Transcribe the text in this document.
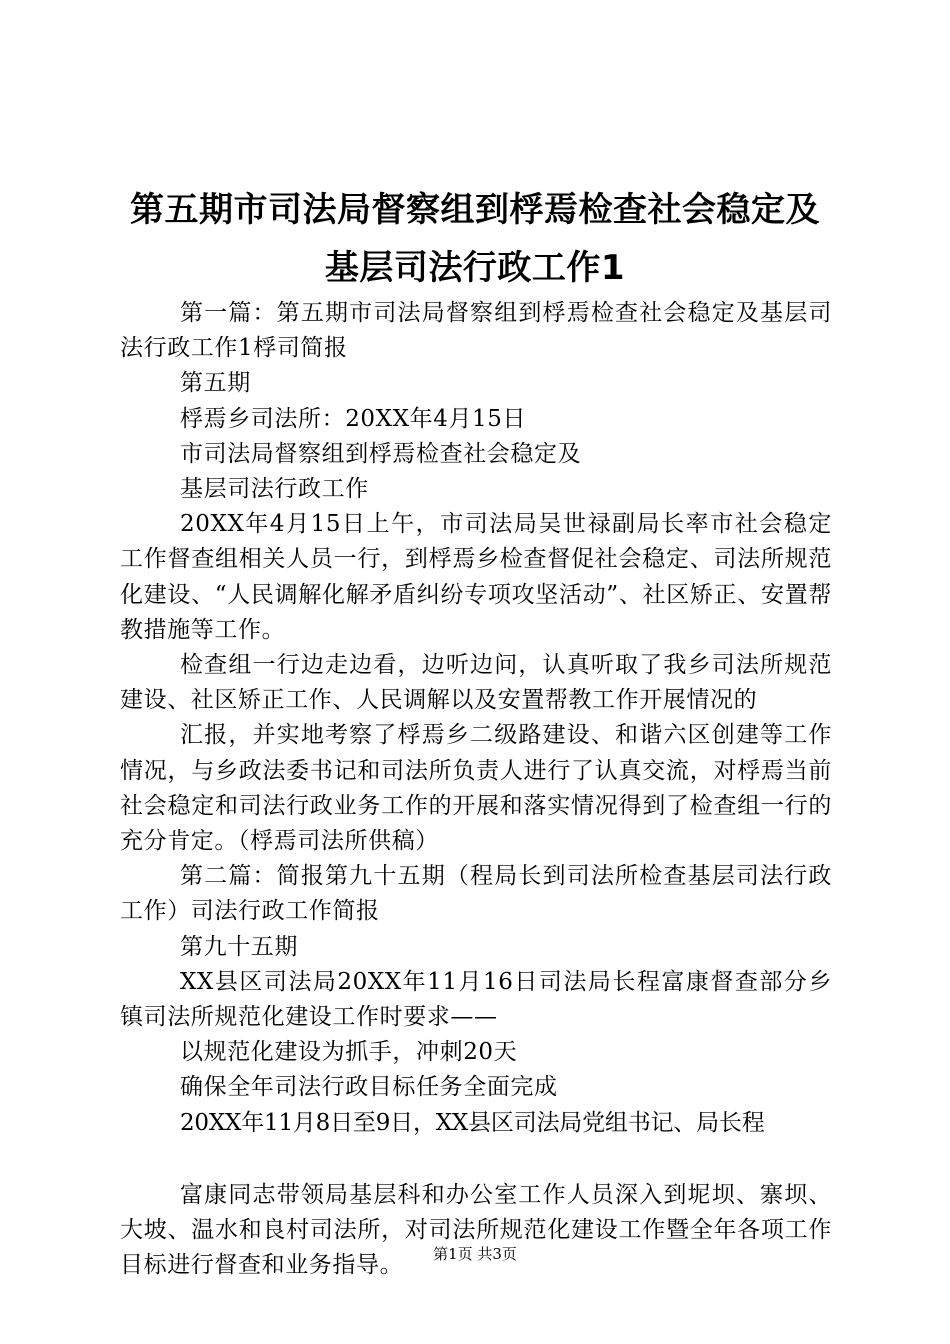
第五期市司法局督察组到桴焉检查社会稳定及
基层司法行政工作1

第一篇：第五期市司法局督察组到桴焉检查社会稳定及基层司法行政工作1桴司简报

第五期

桴焉乡司法所：20XX年4月15日

市司法局督察组到桴焉检查社会稳定及

基层司法行政工作

20XX年4月15日上午，市司法局吴世禄副局长率市社会稳定工作督查组相关人员一行，到桴焉乡检查督促社会稳定、司法所规范化建设、“人民调解化解矛盾纠纷专项攻坚活动”、社区矫正、安置帮教措施等工作。

检查组一行边走边看，边听边问，认真听取了我乡司法所规范建设、社区矫正工作、人民调解以及安置帮教工作开展情况的

汇报，并实地考察了桴焉乡二级路建设、和谐六区创建等工作情况，与乡政法委书记和司法所负责人进行了认真交流，对桴焉当前社会稳定和司法行政业务工作的开展和落实情况得到了检查组一行的充分肯定。（桴焉司法所供稿）

第二篇：简报第九十五期（程局长到司法所检查基层司法行政工作）司法行政工作简报

第九十五期

XX县区司法局20XX年11月16日司法局长程富康督查部分乡镇司法所规范化建设工作时要求——

以规范化建设为抓手，冲刺20天

确保全年司法行政目标任务全面完成

20XX年11月8日至9日，XX县区司法局党组书记、局长程

富康同志带领局基层科和办公室工作人员深入到坭坝、寨坝、大坡、温水和良村司法所，对司法所规范化建设工作暨全年各项工作目标进行督查和业务指导。	第1页 共3页
